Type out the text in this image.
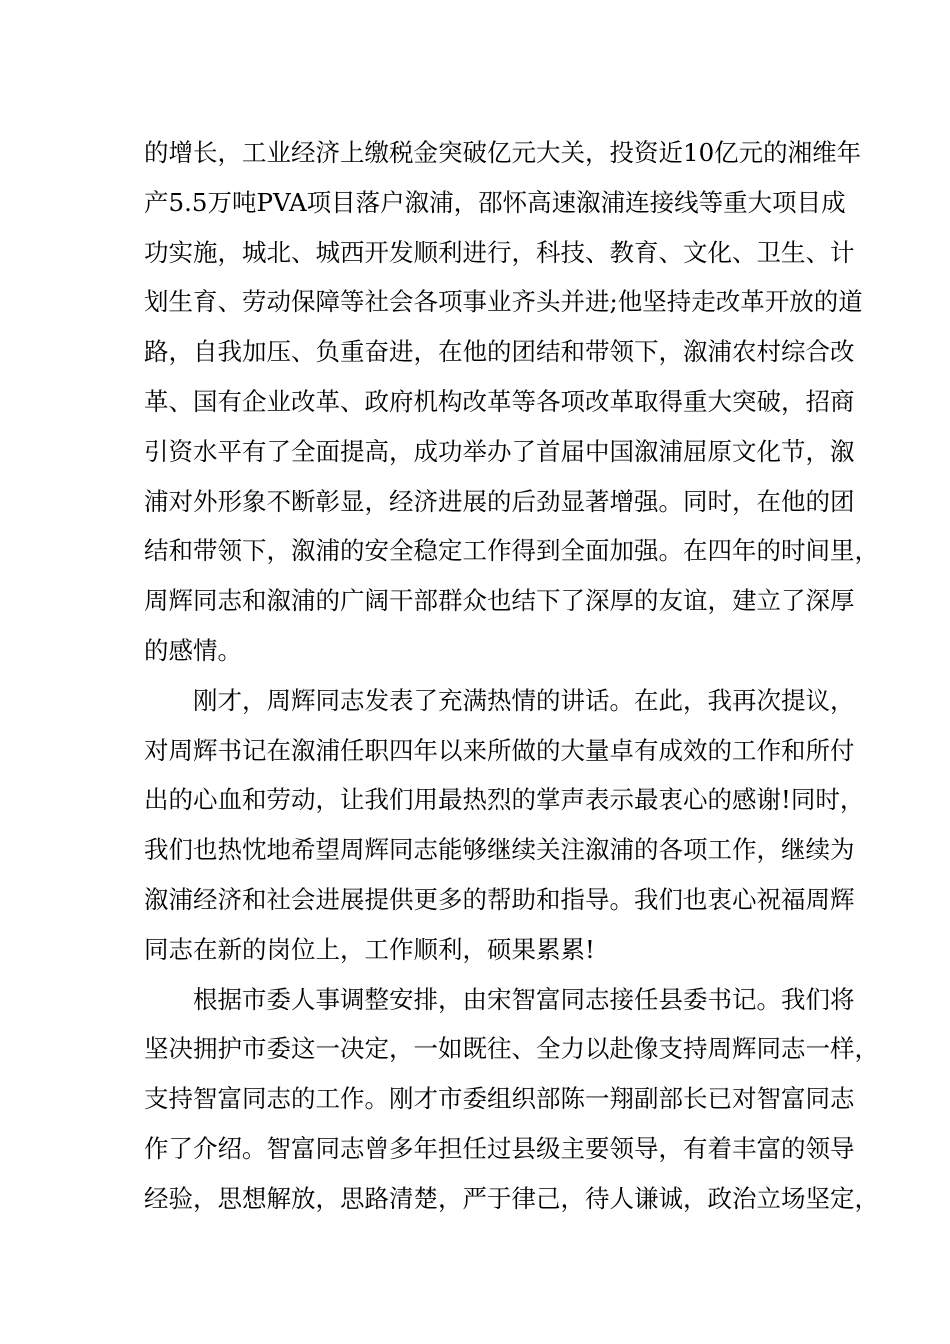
的增长，工业经济上缴税金突破亿元大关，投资近10亿元的湘维年
产5.5万吨PVA项目落户溆浦，邵怀高速溆浦连接线等重大项目成
功实施，城北、城西开发顺利进行，科技、教育、文化、卫生、计
划生育、劳动保障等社会各项事业齐头并进;他坚持走改革开放的道
路，自我加压、负重奋进，在他的团结和带领下，溆浦农村综合改
革、国有企业改革、政府机构改革等各项改革取得重大突破，招商
引资水平有了全面提高，成功举办了首届中国溆浦屈原文化节，溆
浦对外形象不断彰显，经济进展的后劲显著增强。同时，在他的团
结和带领下，溆浦的安全稳定工作得到全面加强。在四年的时间里，
周辉同志和溆浦的广阔干部群众也结下了深厚的友谊，建立了深厚
的感情。
刚才，周辉同志发表了充满热情的讲话。在此，我再次提议，
对周辉书记在溆浦任职四年以来所做的大量卓有成效的工作和所付
出的心血和劳动，让我们用最热烈的掌声表示最衷心的感谢!同时，
我们也热忱地希望周辉同志能够继续关注溆浦的各项工作，继续为
溆浦经济和社会进展提供更多的帮助和指导。我们也衷心祝福周辉
同志在新的岗位上，工作顺利，硕果累累!
根据市委人事调整安排，由宋智富同志接任县委书记。我们将
坚决拥护市委这一决定，一如既往、全力以赴像支持周辉同志一样，
支持智富同志的工作。刚才市委组织部陈一翔副部长已对智富同志
作了介绍。智富同志曾多年担任过县级主要领导，有着丰富的领导
经验，思想解放，思路清楚，严于律己，待人谦诚，政治立场坚定，
